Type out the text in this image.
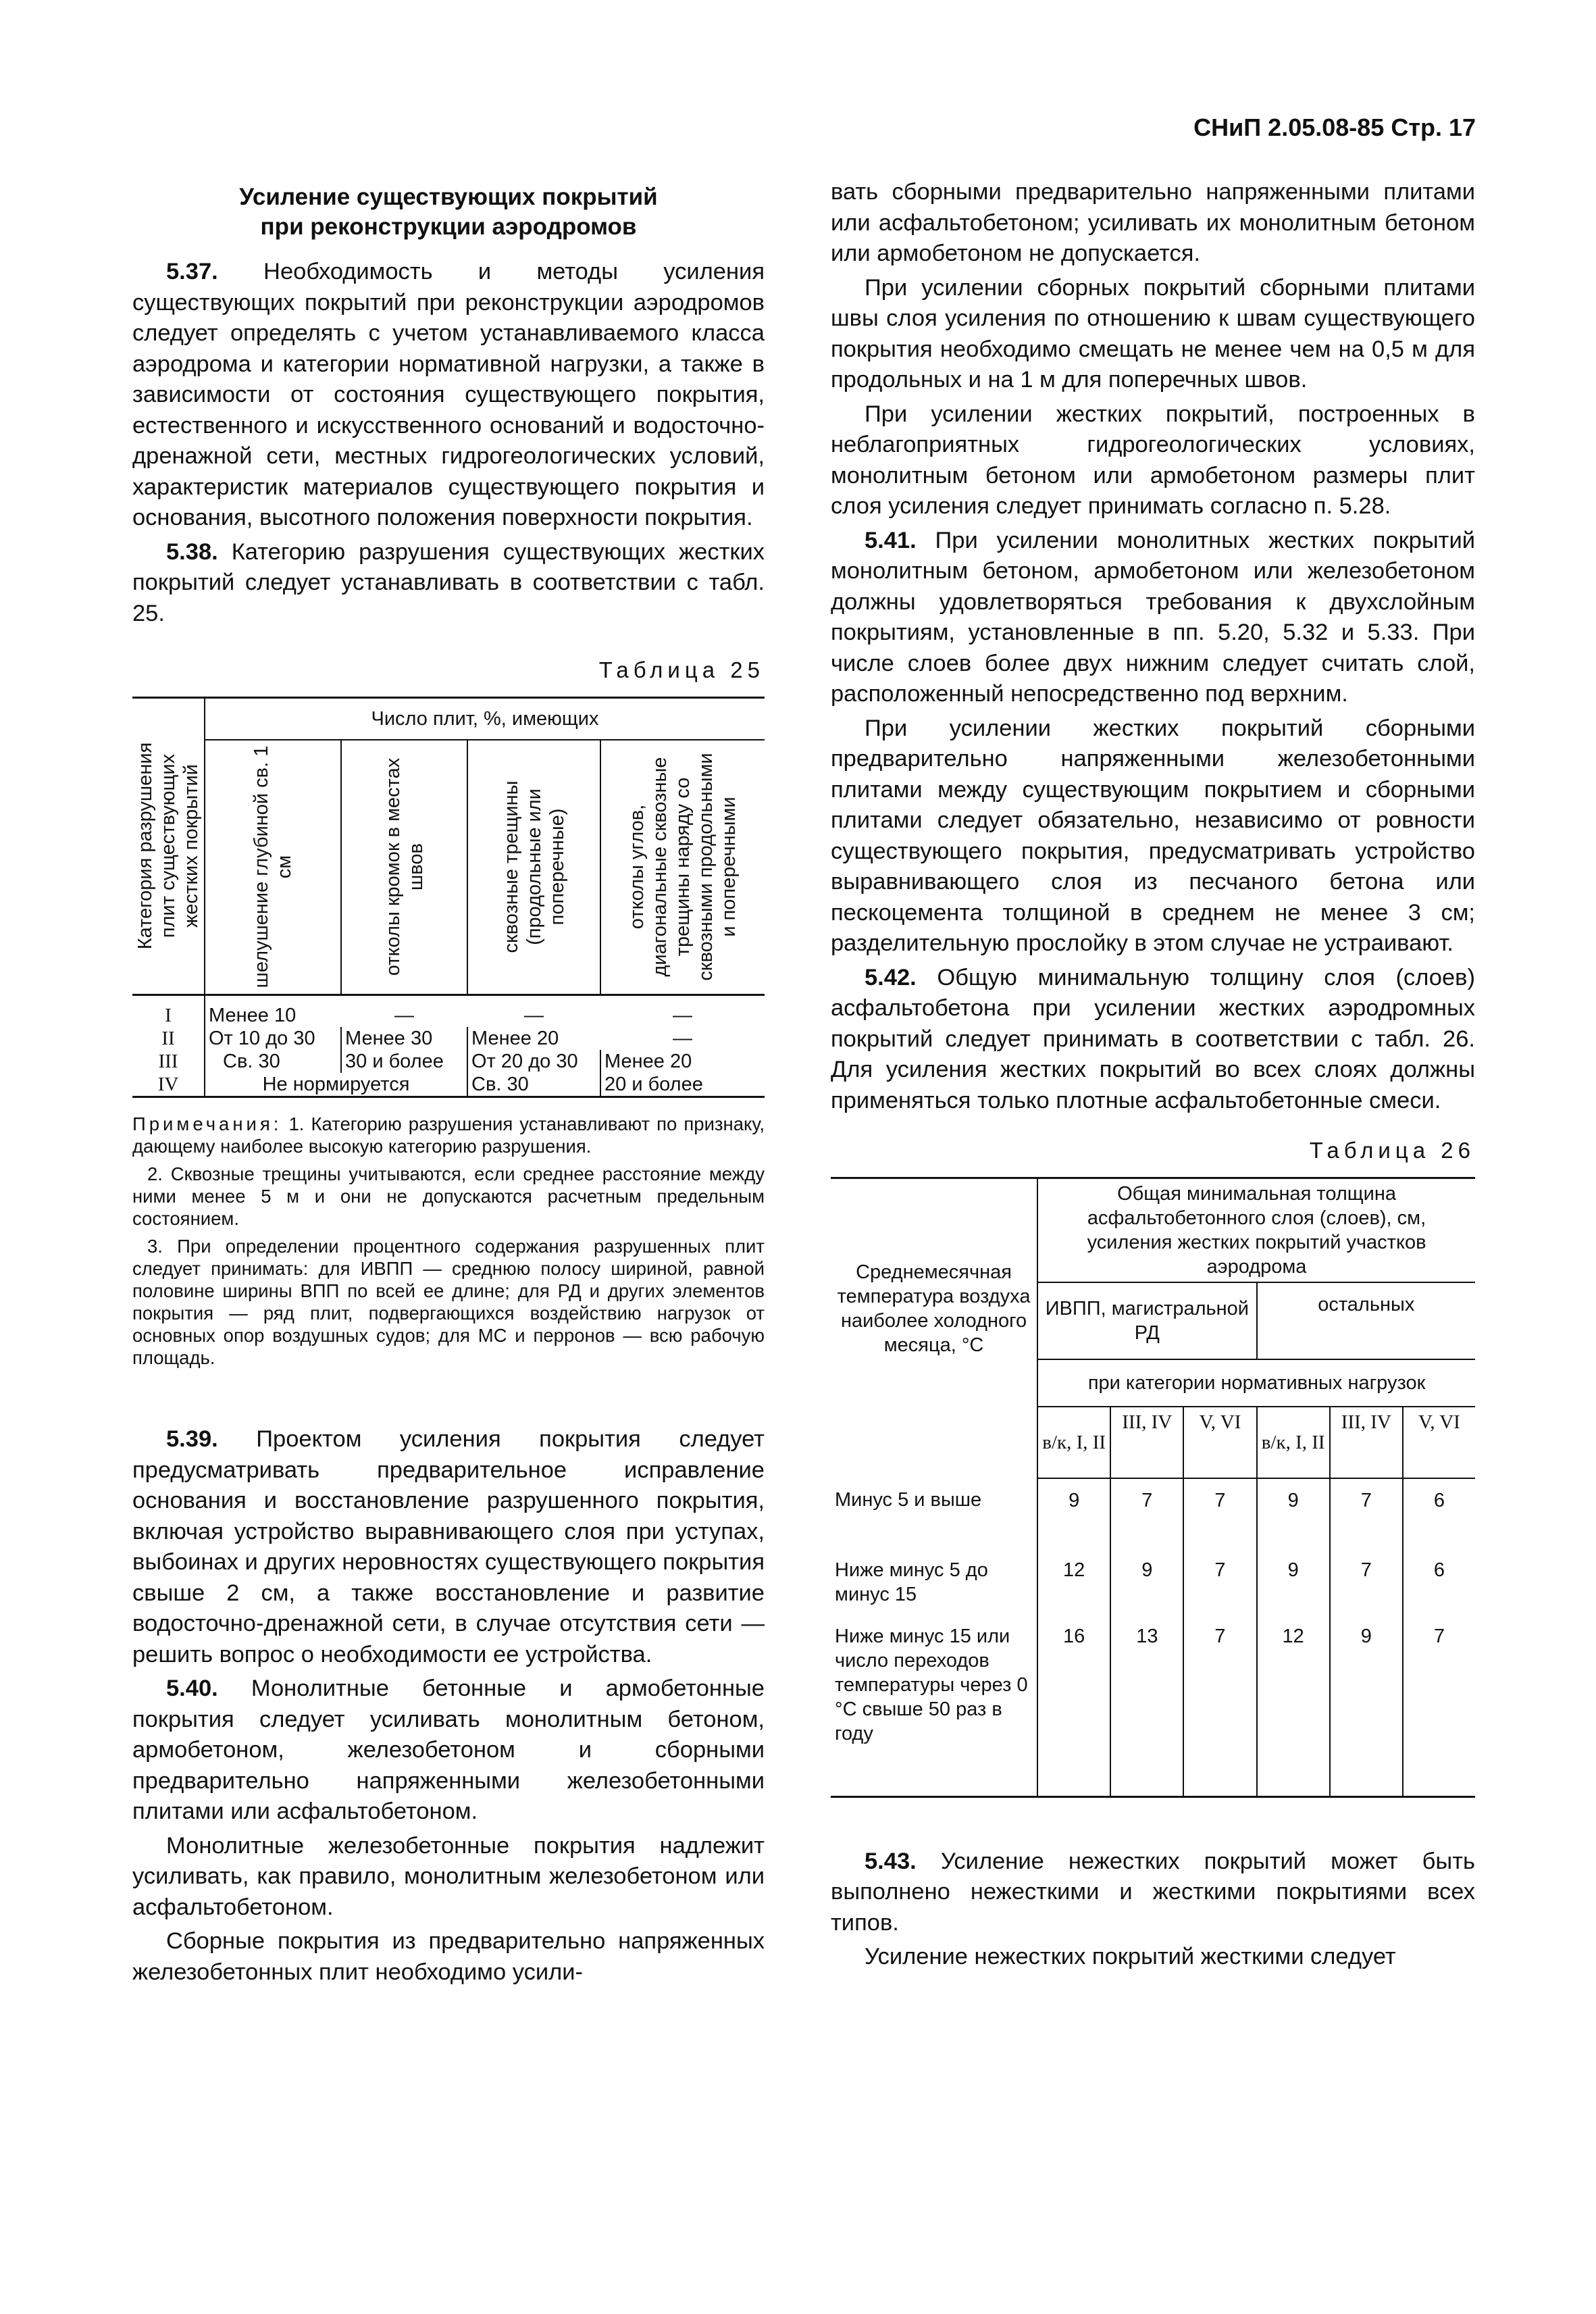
СНиП 2.05.08-85 Стр. 17
Усиление существующих покрытий
при реконструкции аэродромов

5.37. Необходимость и методы усиления существующих покрытий при реконструкции аэродромов следует определять с учетом устанавливаемого класса аэродрома и категории нормативной нагрузки, а также в зависимости от состояния существующего покрытия, естественного и искусственного оснований и водосточно-дренажной сети, местных гидрогеологических условий, характеристик материалов существующего покрытия и основания, высотного положения поверхности покрытия.

5.38. Категорию разрушения существующих жестких покрытий следует устанавливать в соответствии с табл. 25.

Таблица 25
Категория разрушения плит существующих жестких покрытий	Число плит, %, имеющих			

	шелушение глубиной св. 1 см	отколы кромок в местах швов	сквозные трещины (продольные или поперечные)	отколы углов, диагональные сквозные трещины наряду со сквозными продольными и поперечными

I	Менее 10	—	—	—
II	От 10 до 30	Менее 30	Менее 20	—
III	Св. 30	30 и более	От 20 до 30	Менее 20
IV	Не нормируется		Св. 30	20 и более

Примечания: 1. Категорию разрушения устанавливают по признаку, дающему наиболее высокую категорию разрушения.

2. Сквозные трещины учитываются, если среднее расстояние между ними менее 5 м и они не допускаются расчетным предельным состоянием.

3. При определении процентного содержания разрушенных плит следует принимать: для ИВПП — среднюю полосу шириной, равной половине ширины ВПП по всей ее длине; для РД и других элементов покрытия — ряд плит, подвергающихся воздействию нагрузок от основных опор воздушных судов; для МС и перронов — всю рабочую площадь.

5.39. Проектом усиления покрытия следует предусматривать предварительное исправление основания и восстановление разрушенного покрытия, включая устройство выравнивающего слоя при уступах, выбоинах и других неровностях существующего покрытия свыше 2 см, а также восстановление и развитие водосточно-дренажной сети, в случае отсутствия сети — решить вопрос о необходимости ее устройства.

5.40. Монолитные бетонные и армобетонные покрытия следует усиливать монолитным бетоном, армобетоном, железобетоном и сборными предварительно напряженными железобетонными плитами или асфальтобетоном.

Монолитные железобетонные покрытия надлежит усиливать, как правило, монолитным железобетоном или асфальтобетоном.

Сборные покрытия из предварительно напряженных железобетонных плит необходимо усили-

вать сборными предварительно напряженными плитами или асфальтобетоном; усиливать их монолитным бетоном или армобетоном не допускается.

При усилении сборных покрытий сборными плитами швы слоя усиления по отношению к швам существующего покрытия необходимо смещать не менее чем на 0,5 м для продольных и на 1 м для поперечных швов.

При усилении жестких покрытий, построенных в неблагоприятных гидрогеологических условиях, монолитным бетоном или армобетоном размеры плит слоя усиления следует принимать согласно п. 5.28.

5.41. При усилении монолитных жестких покрытий монолитным бетоном, армобетоном или железобетоном должны удовлетворяться требования к двухслойным покрытиям, установленные в пп. 5.20, 5.32 и 5.33. При числе слоев более двух нижним следует считать слой, расположенный непосредственно под верхним.

При усилении жестких покрытий сборными предварительно напряженными железобетонными плитами между существующим покрытием и сборными плитами следует обязательно, независимо от ровности существующего покрытия, предусматривать устройство выравнивающего слоя из песчаного бетона или пескоцемента толщиной в среднем не менее 3 см; разделительную прослойку в этом случае не устраивают.

5.42. Общую минимальную толщину слоя (слоев) асфальтобетона при усилении жестких аэродромных покрытий следует принимать в соответствии с табл. 26. Для усиления жестких покрытий во всех слоях должны применяться только плотные асфальтобетонные смеси.

Таблица 26
Среднемесячная температура воздуха наиболее холодного месяца, °С	Общая минимальная толщина асфальтобетонного слоя (слоев), см, усиления жестких покрытий участков аэродрома					
	ИВПП, магистральной РД			остальных		
	при категории нормативных нагрузок					
	в/к, I, II	III, IV	V, VI	в/к, I, II	III, IV	V, VI
Минус 5 и выше	9	7	7	9	7	6
Ниже минус 5 до минус 15	12	9	7	9	7	6
Ниже минус 15 или число переходов температуры через 0 °С свыше 50 раз в году	16	13	7	12	9	7

5.43. Усиление нежестких покрытий может быть выполнено нежесткими и жесткими покрытиями всех типов.

Усиление нежестких покрытий жесткими следует
